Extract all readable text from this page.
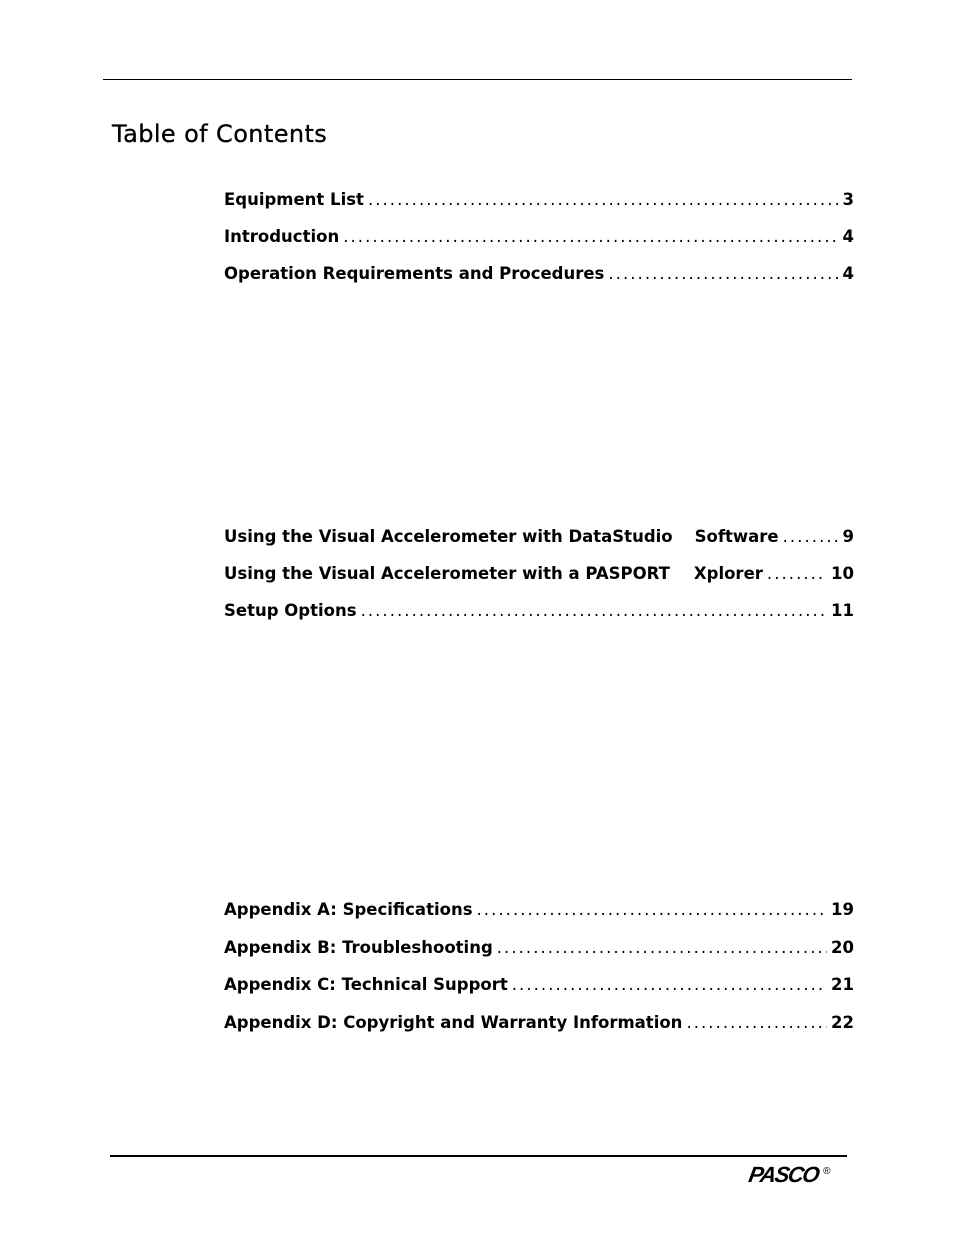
Table of Contents
Equipment List . . .	3
Introduction . . .	4
Operation Requirements and Procedures . . .	4
Using the Visual Accelerometer with DataStudio Software . . .	9
Using the Visual Accelerometer with a PASPORT Xplorer . . .	10
Setup Options . . .	11
Appendix A: Specifications . . .	19
Appendix B: Troubleshooting . . .	20
Appendix C: Technical Support . . .	21
Appendix D: Copyright and Warranty Information . . .	22
PASCO ®
